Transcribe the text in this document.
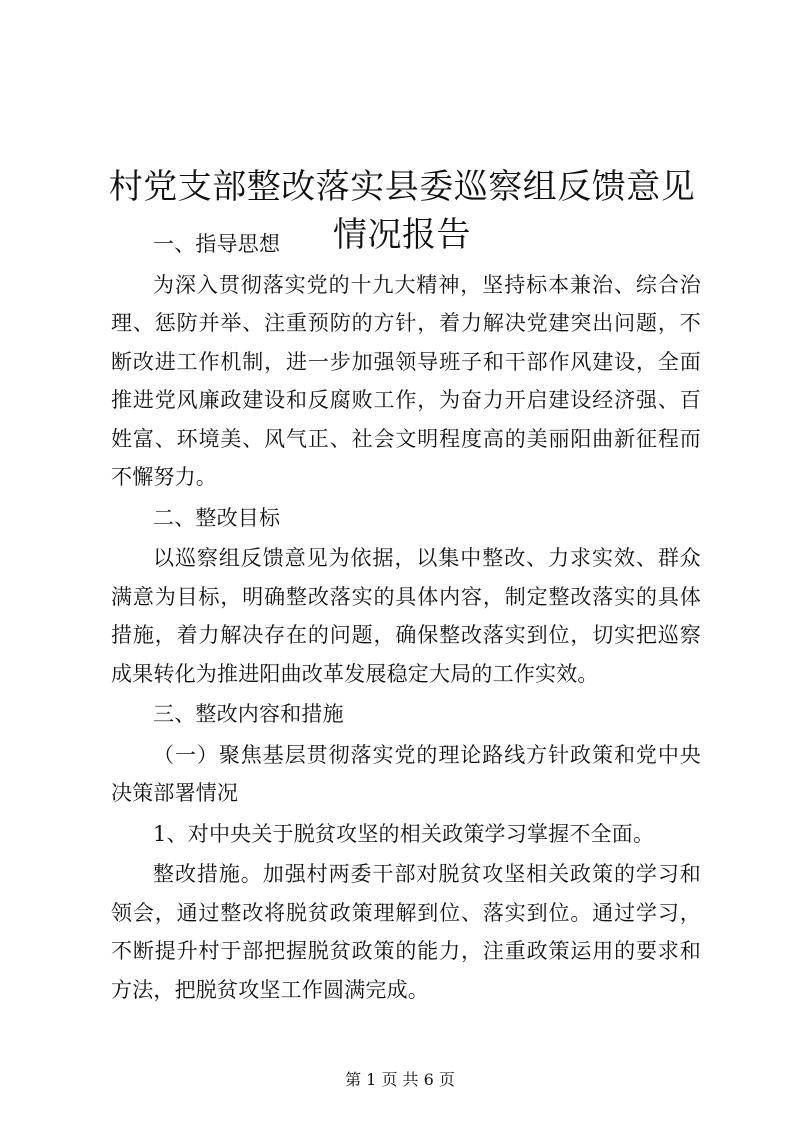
村党支部整改落实县委巡察组反馈意见情况报告

一、指导思想

为深入贯彻落实党的十九大精神，坚持标本兼治、综合治理、惩防并举、注重预防的方针，着力解决党建突出问题，不断改进工作机制，进一步加强领导班子和干部作风建设，全面推进党风廉政建设和反腐败工作，为奋力开启建设经济强、百姓富、环境美、风气正、社会文明程度高的美丽阳曲新征程而不懈努力。

二、整改目标

以巡察组反馈意见为依据，以集中整改、力求实效、群众满意为目标，明确整改落实的具体内容，制定整改落实的具体措施，着力解决存在的问题，确保整改落实到位，切实把巡察成果转化为推进阳曲改革发展稳定大局的工作实效。

三、整改内容和措施

（一）聚焦基层贯彻落实党的理论路线方针政策和党中央决策部署情况

1、对中央关于脱贫攻坚的相关政策学习掌握不全面。

整改措施。加强村两委干部对脱贫攻坚相关政策的学习和领会，通过整改将脱贫政策理解到位、落实到位。通过学习，不断提升村于部把握脱贫政策的能力，注重政策运用的要求和方法，把脱贫攻坚工作圆满完成。

第 1 页 共 6 页
